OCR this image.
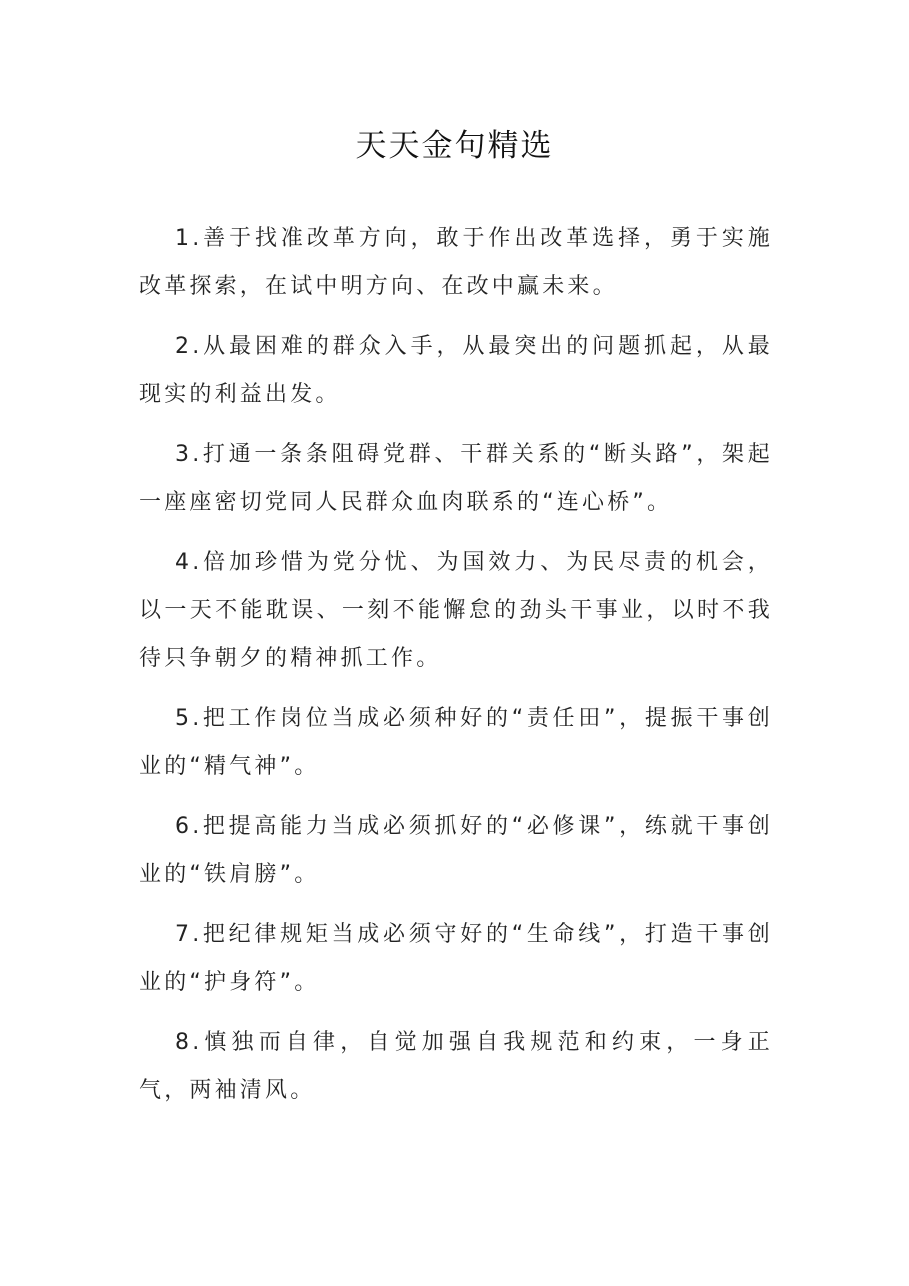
天天金句精选

1.善于找准改革方向，敢于作出改革选择，勇于实施改革探索，在试中明方向、在改中赢未来。

2.从最困难的群众入手，从最突出的问题抓起，从最现实的利益出发。

3.打通一条条阻碍党群、干群关系的“断头路”，架起一座座密切党同人民群众血肉联系的“连心桥”。

4.倍加珍惜为党分忧、为国效力、为民尽责的机会，以一天不能耽误、一刻不能懈怠的劲头干事业，以时不我待只争朝夕的精神抓工作。

5.把工作岗位当成必须种好的“责任田”，提振干事创业的“精气神”。

6.把提高能力当成必须抓好的“必修课”，练就干事创业的“铁肩膀”。

7.把纪律规矩当成必须守好的“生命线”，打造干事创业的“护身符”。

8.慎独而自律，自觉加强自我规范和约束，一身正气，两袖清风。
